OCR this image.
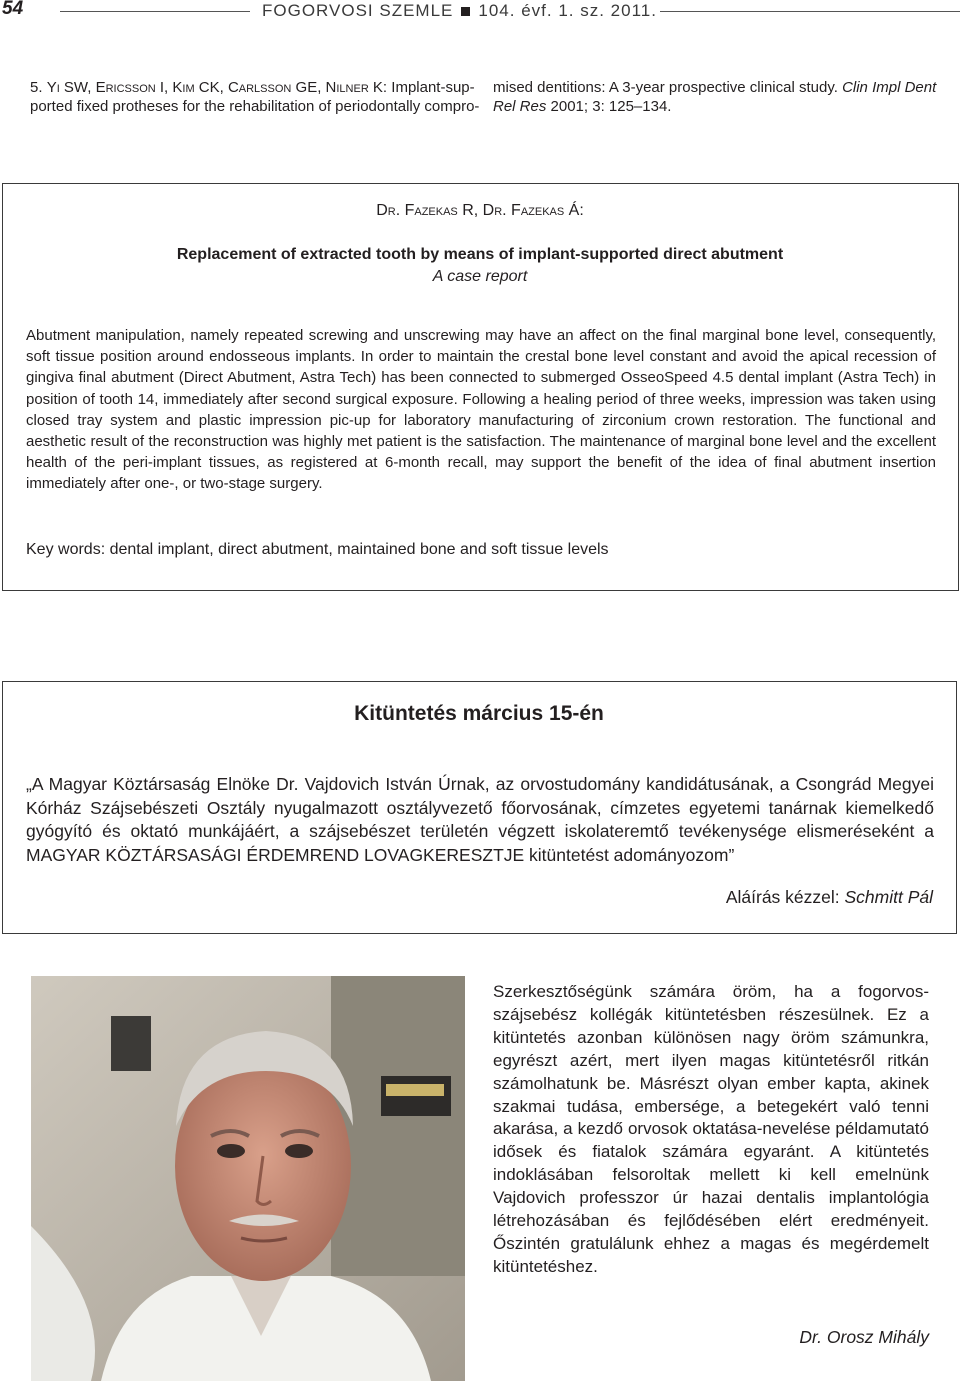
54	FOGORVOSI SZEMLE 104. évf. 1. sz. 2011.
5. Yi SW, Ericsson I, Kim CK, Carlsson GE, Nilner K: Implant-sup-
ported fixed protheses for the rehabilitation of periodontally compro-
mised dentitions: A 3-year prospective clinical study. Clin Impl Dent
Rel Res 2001; 3: 125–134.
Dr. Fazekas R, Dr. Fazekas Á:
Replacement of extracted tooth by means of implant-supported direct abutment
A case report
Abutment manipulation, namely repeated screwing and unscrewing may have an affect on the final marginal bone level, consequently, soft tissue position around endosseous implants. In order to maintain the crestal bone level constant and avoid the apical recession of gingiva final abutment (Direct Abutment, Astra Tech) has been connected to submerged OsseoSpeed 4.5 dental implant (Astra Tech) in position of tooth 14, immediately after second surgical exposure. Following a healing period of three weeks, impression was taken using closed tray system and plastic impression pic-up for laboratory manufacturing of zirconium crown restoration. The functional and aesthetic result of the reconstruction was highly met patient is the satisfaction. The maintenance of marginal bone level and the excellent health of the peri-implant tissues, as registered at 6-month recall, may support the benefit of the idea of final abutment insertion immediately after one-, or two-stage surgery.
Key words: dental implant, direct abutment, maintained bone and soft tissue levels
Kitüntetés március 15-én
„A Magyar Köztársaság Elnöke Dr. Vajdovich István Úrnak, az orvostudomány kandidátusának, a Csongrád Megyei Kórház Szájsebészeti Osztály nyugalmazott osztályvezető főorvosának, címzetes egyetemi tanárnak kiemelkedő gyógyító és oktató munkájáért, a szájsebészet területén végzett iskolateremtő tevékenysége elismeréseként a MAGYAR KÖZTÁRSASÁGI ÉRDEMREND LOVAGKERESZTJE kitüntetést adományozom”
Aláírás kézzel: Schmitt Pál
Szerkesztőségünk számára öröm, ha a fogorvos-szájsebész kollégák kitüntetésben részesülnek. Ez a kitüntetés azonban különösen nagy öröm számunkra, egyrészt azért, mert ilyen magas kitüntetésről ritkán számolhatunk be. Másrészt olyan ember kapta, akinek szakmai tudása, embersége, a betegekért való tenni akarása, a kezdő orvosok oktatása-nevelése példamutató idősek és fiatalok számára egyaránt. A kitüntetés indoklásában felsoroltak mellett ki kell emelnünk Vajdovich professzor úr hazai dentalis implantológia létrehozásában és fejlődésében elért eredményeit. Őszintén gratulálunk ehhez a magas és megérdemelt kitüntetéshez.
Dr. Orosz Mihály
